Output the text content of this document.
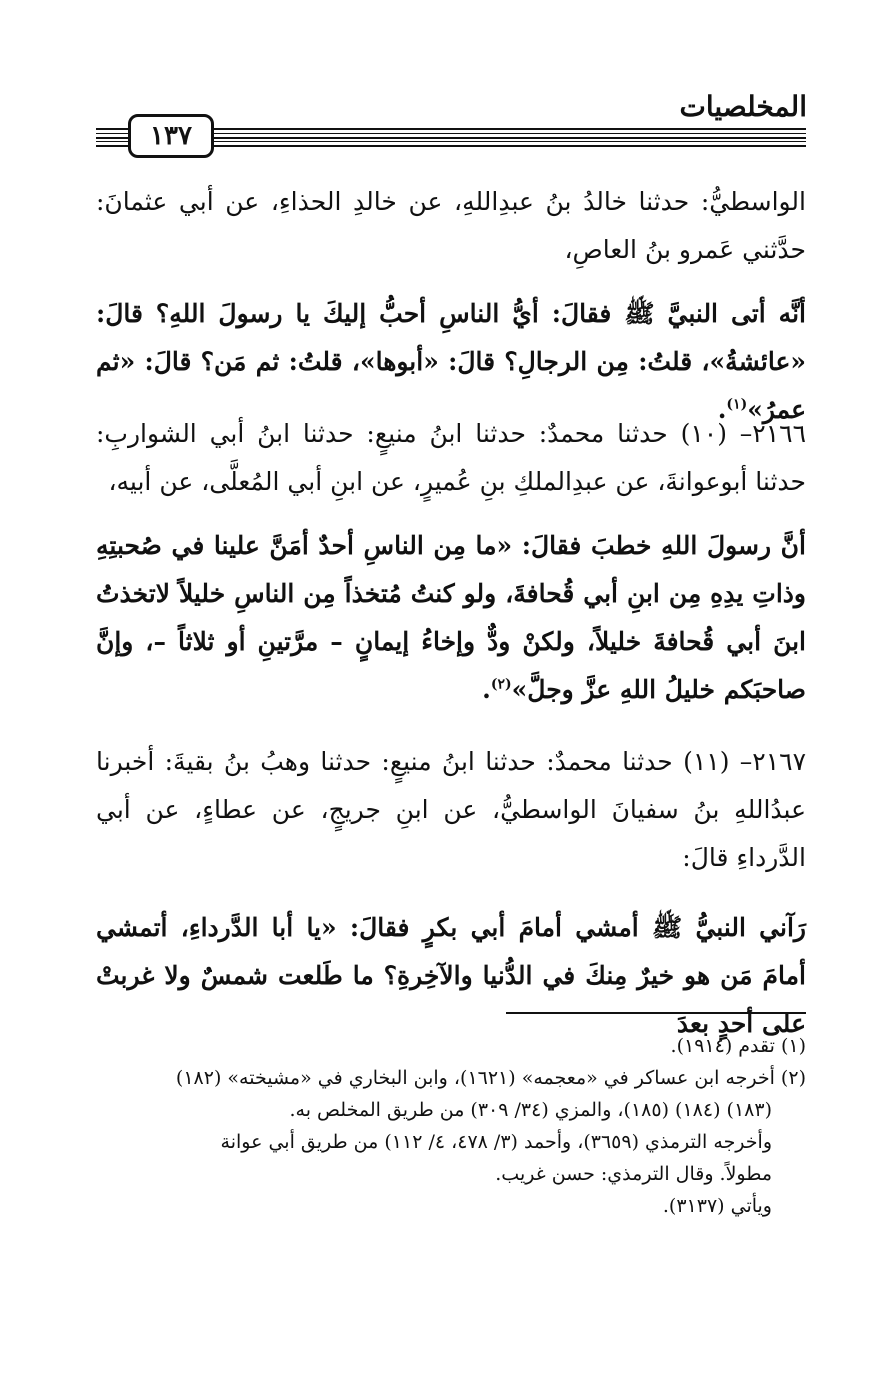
المخلصيات
١٣٧
الواسطيُّ: حدثنا خالدُ بنُ عبدِاللهِ، عن خالدِ الحذاءِ، عن أبي عثمانَ: حدَّثني عَمرو بنُ العاصِ،
أنَّه أتى النبيَّ ﷺ فقالَ: أيُّ الناسِ أحبُّ إليكَ يا رسولَ اللهِ؟ قالَ: «عائشةُ»، قلتُ: مِن الرجالِ؟ قالَ: «أبوها»، قلتُ: ثم مَن؟ قالَ: «ثم عمرُ»$^{(١)}$.
٢١٦٦– (١٠) حدثنا محمدٌ: حدثنا ابنُ منيعٍ: حدثنا ابنُ أبي الشواربِ: حدثنا أبوعوانةَ، عن عبدِالملكِ بنِ عُميرٍ، عن ابنِ أبي المُعلَّى، عن أبيه،
أنَّ رسولَ اللهِ خطبَ فقالَ: «ما مِن الناسِ أحدٌ أمَنَّ علينا في صُحبتِهِ وذاتِ يدِهِ مِن ابنِ أبي قُحافةَ، ولو كنتُ مُتخذاً مِن الناسِ خليلاً لاتخذتُ ابنَ أبي قُحافةَ خليلاً، ولكنْ ودٌّ وإخاءُ إيمانٍ – مرَّتينِ أو ثلاثاً –، وإنَّ صاحبَكم خليلُ اللهِ عزَّ وجلَّ»$^{(٢)}$.
٢١٦٧– (١١) حدثنا محمدٌ: حدثنا ابنُ منيعٍ: حدثنا وهبُ بنُ بقيةَ: أخبرنا عبدُاللهِ بنُ سفيانَ الواسطيُّ، عن ابنِ جريجٍ، عن عطاءٍ، عن أبي الدَّرداءِ قالَ:
رَآني النبيُّ ﷺ أمشي أمامَ أبي بكرٍ فقالَ: «يا أبا الدَّرداءِ، أتمشي أمامَ مَن هو خيرٌ مِنكَ في الدُّنيا والآخِرةِ؟ ما طَلعت شمسٌ ولا غربتْ على أحدٍ بعدَ

(١) تقدم (١٩١٤).

(٢) أخرجه ابن عساكر في «معجمه» (١٦٢١)، وابن البخاري في «مشيخته» (١٨٢)

(١٨٣) (١٨٤) (١٨٥)، والمزي (٣٤/ ٣٠٩) من طريق المخلص به.

وأخرجه الترمذي (٣٦٥٩)، وأحمد (٣/ ٤٧٨، ٤/ ١١٢) من طريق أبي عوانة

مطولاً. وقال الترمذي: حسن غريب.

ويأتي (٣١٣٧).
